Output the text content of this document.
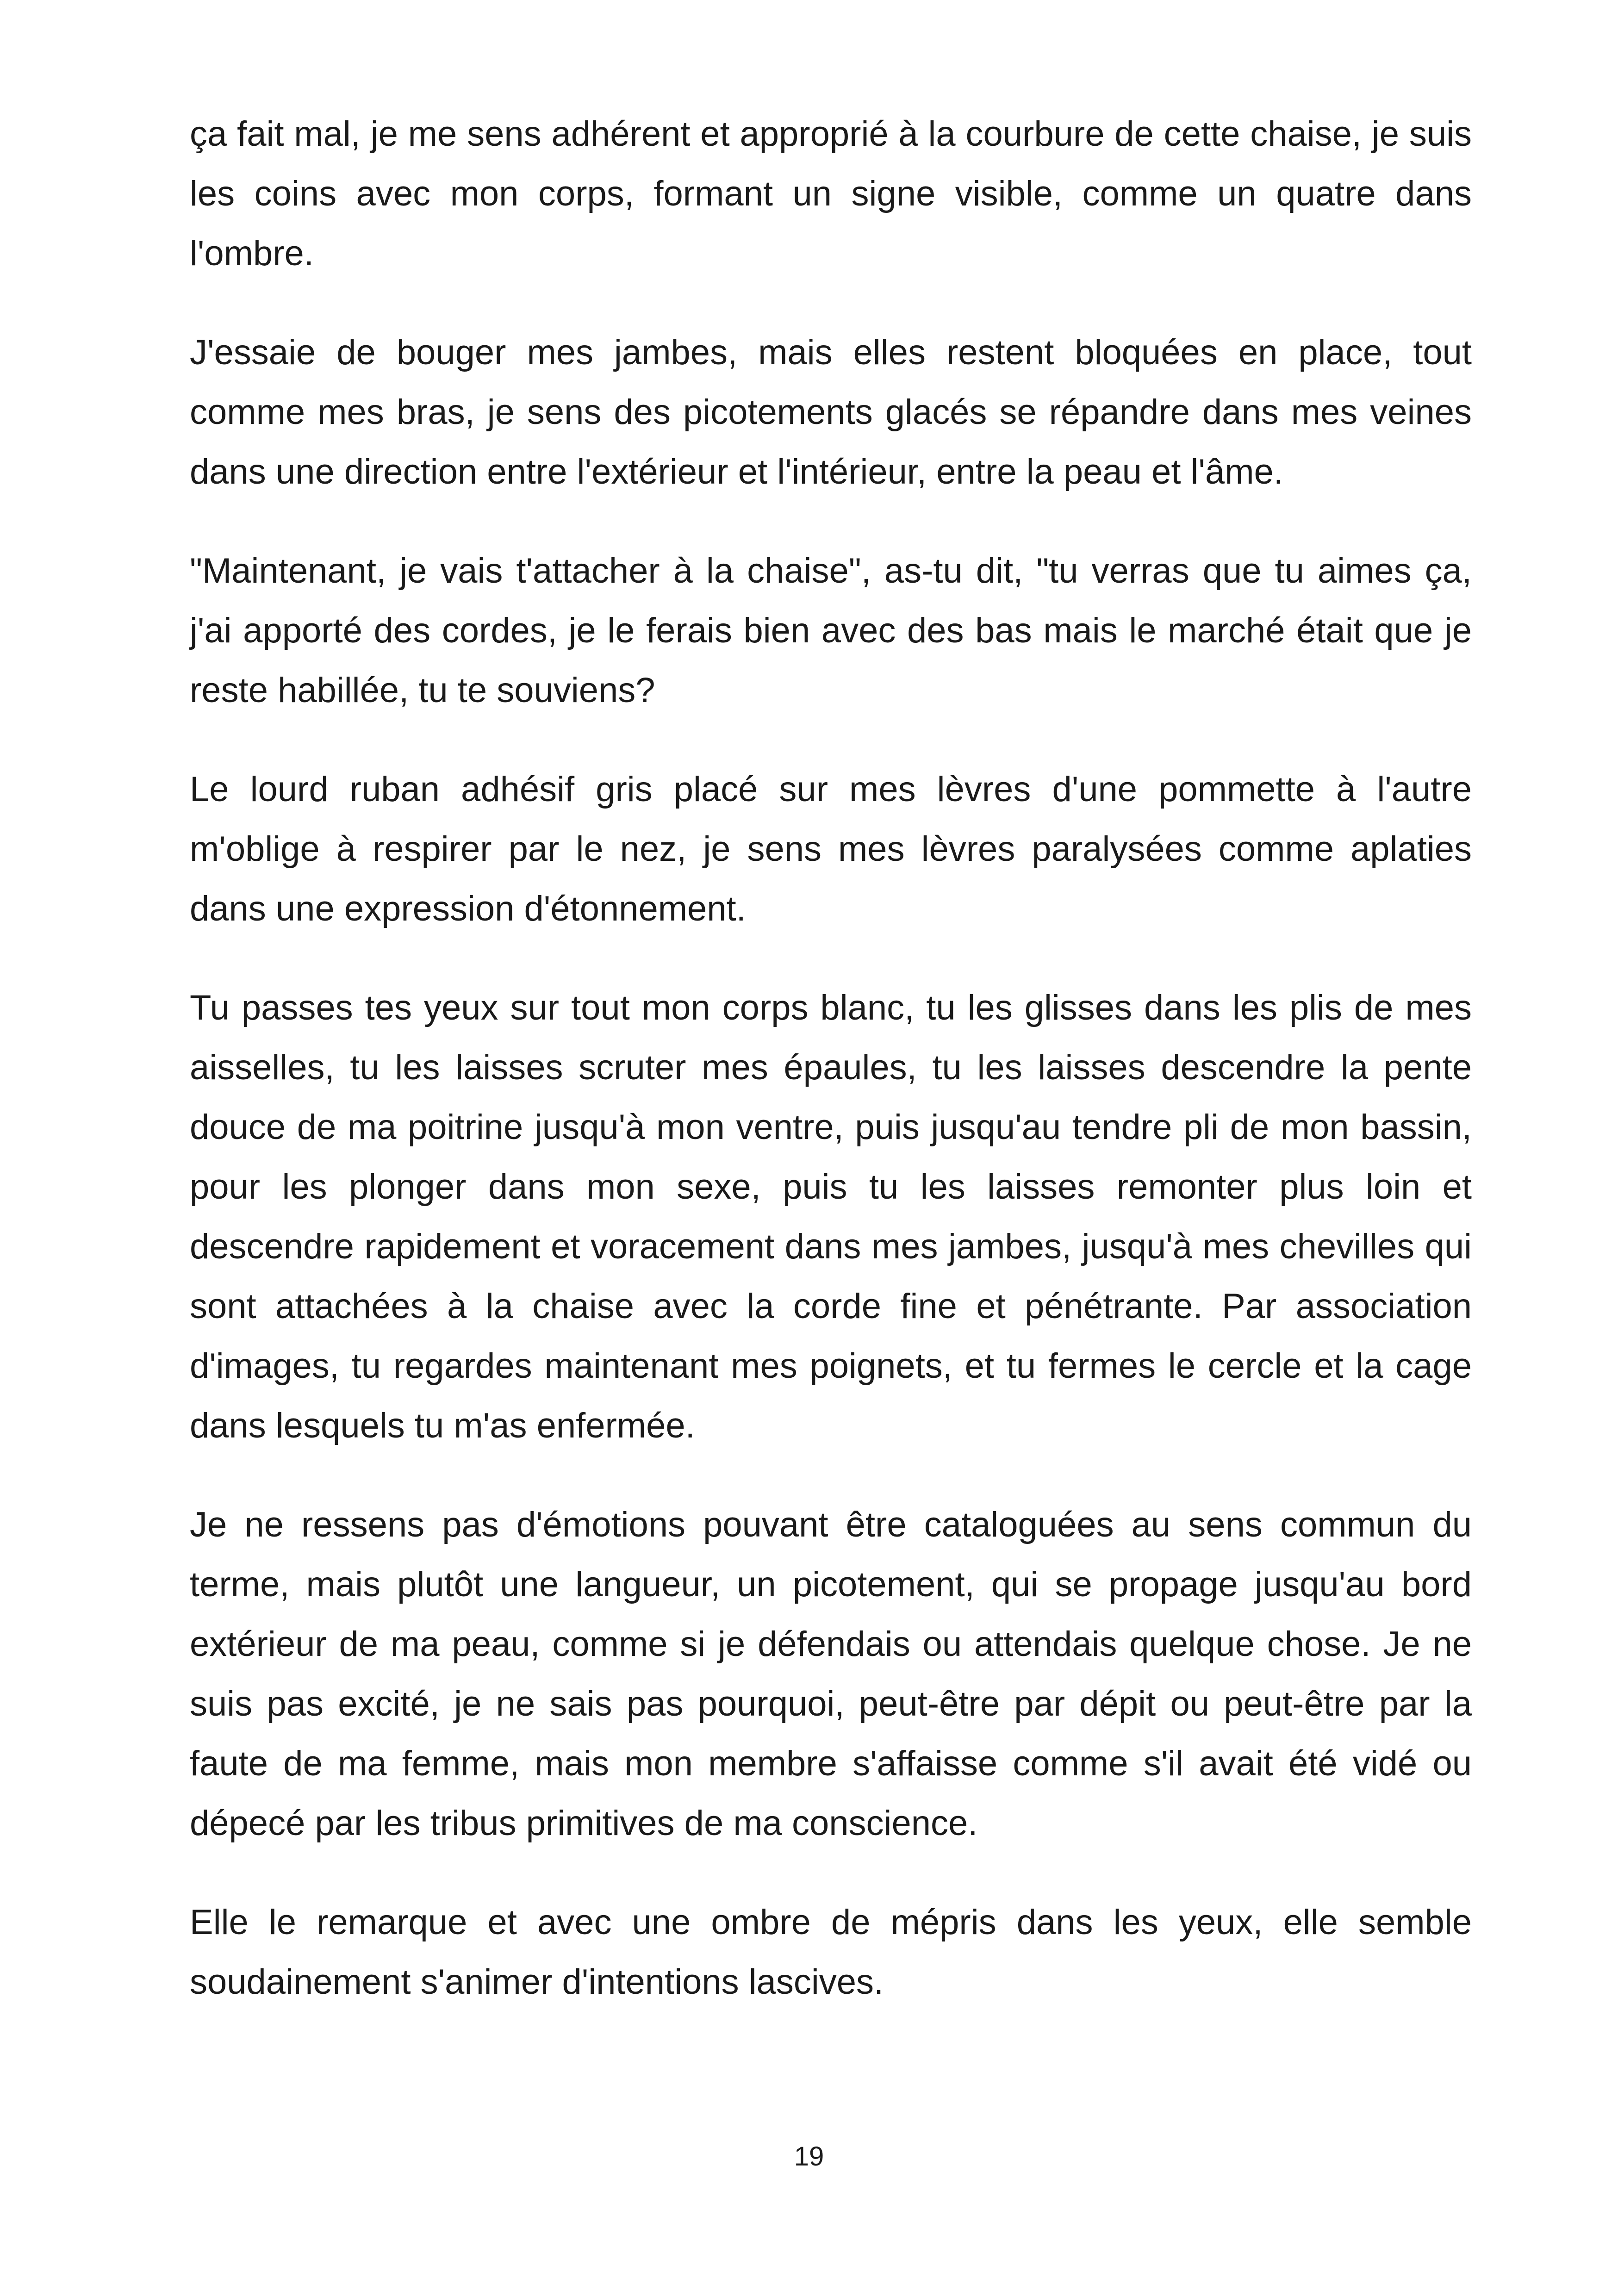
ça fait mal, je me sens adhérent et approprié à la courbure de cette chaise, je suis les coins avec mon corps, formant un signe visible, comme un quatre dans l'ombre.

J'essaie de bouger mes jambes, mais elles restent bloquées en place, tout comme mes bras, je sens des picotements glacés se répandre dans mes veines dans une direction entre l'extérieur et l'intérieur, entre la peau et l'âme.

"Maintenant, je vais t'attacher à la chaise", as-tu dit, "tu verras que tu aimes ça, j'ai apporté des cordes, je le ferais bien avec des bas mais le marché était que je reste habillée, tu te souviens?

Le lourd ruban adhésif gris placé sur mes lèvres d'une pommette à l'autre m'oblige à respirer par le nez, je sens mes lèvres paralysées comme aplaties dans une expression d'étonnement.

Tu passes tes yeux sur tout mon corps blanc, tu les glisses dans les plis de mes aisselles, tu les laisses scruter mes épaules, tu les laisses descendre la pente douce de ma poitrine jusqu'à mon ventre, puis jusqu'au tendre pli de mon bassin, pour les plonger dans mon sexe, puis tu les laisses remonter plus loin et descendre rapidement et voracement dans mes jambes, jusqu'à mes chevilles qui sont attachées à la chaise avec la corde fine et pénétrante. Par association d'images, tu regardes maintenant mes poignets, et tu fermes le cercle et la cage dans lesquels tu m'as enfermée.

Je ne ressens pas d'émotions pouvant être cataloguées au sens commun du terme, mais plutôt une langueur, un picotement, qui se propage jusqu'au bord extérieur de ma peau, comme si je défendais ou attendais quelque chose. Je ne suis pas excité, je ne sais pas pourquoi, peut-être par dépit ou peut-être par la faute de ma femme, mais mon membre s'affaisse comme s'il avait été vidé ou dépecé par les tribus primitives de ma conscience.

Elle le remarque et avec une ombre de mépris dans les yeux, elle semble soudainement s'animer d'intentions lascives.

19
